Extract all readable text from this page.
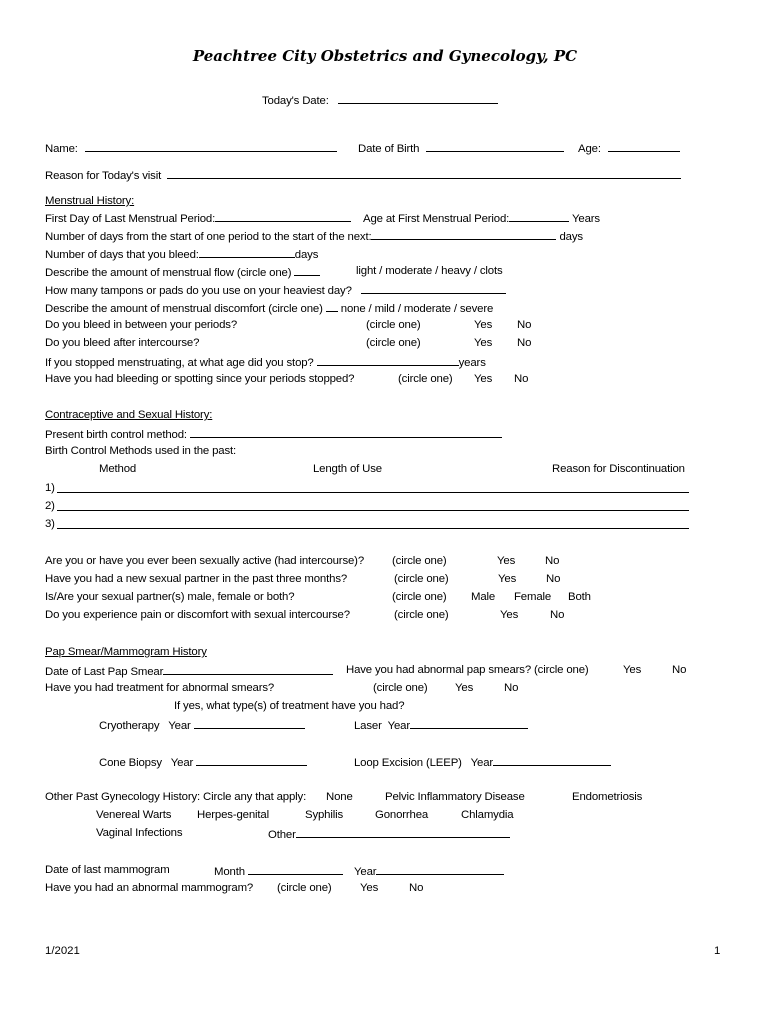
Peachtree City Obstetrics and Gynecology, PC
Today's Date:
Name:	Date of Birth	Age:
Reason for Today's visit
Menstrual History:
First Day of Last Menstrual Period:	Age at First Menstrual Period:	Years
Number of days from the start of one period to the start of the next:	days
Number of days that you bleed:	days
Describe the amount of menstrual flow (circle one)	light / moderate / heavy / clots
How many tampons or pads do you use on your heaviest day?
Describe the amount of menstrual discomfort (circle one) none / mild / moderate / severe
Do you bleed in between your periods?	(circle one)	Yes No
Do you bleed after intercourse?	(circle one)	Yes No
If you stopped menstruating, at what age did you stop?	years
Have you had bleeding or spotting since your periods stopped?	(circle one) Yes No
Contraceptive and Sexual History:
Present birth control method:
Birth Control Methods used in the past:
Method	Length of Use	Reason for Discontinuation
1)
2)
3)
Are you or have you ever been sexually active (had intercourse)? (circle one)	Yes	No
Have you had a new sexual partner in the past three months?	(circle one)	Yes	No
Is/Are your sexual partner(s) male, female or both?	(circle one) Male Female Both
Do you experience pain or discomfort with sexual intercourse?	(circle one)	Yes	No
Pap Smear/Mammogram History
Date of Last Pap Smear	Have you had abnormal pap smears? (circle one)	Yes	No
Have you had treatment for abnormal smears?	(circle one) Yes	No
If yes, what type(s) of treatment have you had?
Cryotherapy Year	Laser Year
Cone Biopsy Year	Loop Excision (LEEP) Year
Other Past Gynecology History: Circle any that apply: None	Pelvic Inflammatory Disease	Endometriosis
Venereal Warts Herpes-genital	Syphilis	Gonorrhea	Chlamydia
Vaginal Infections	Other
Date of last mammogram	Month	Year
Have you had an abnormal mammogram? (circle one) Yes	No
1/2021	1
